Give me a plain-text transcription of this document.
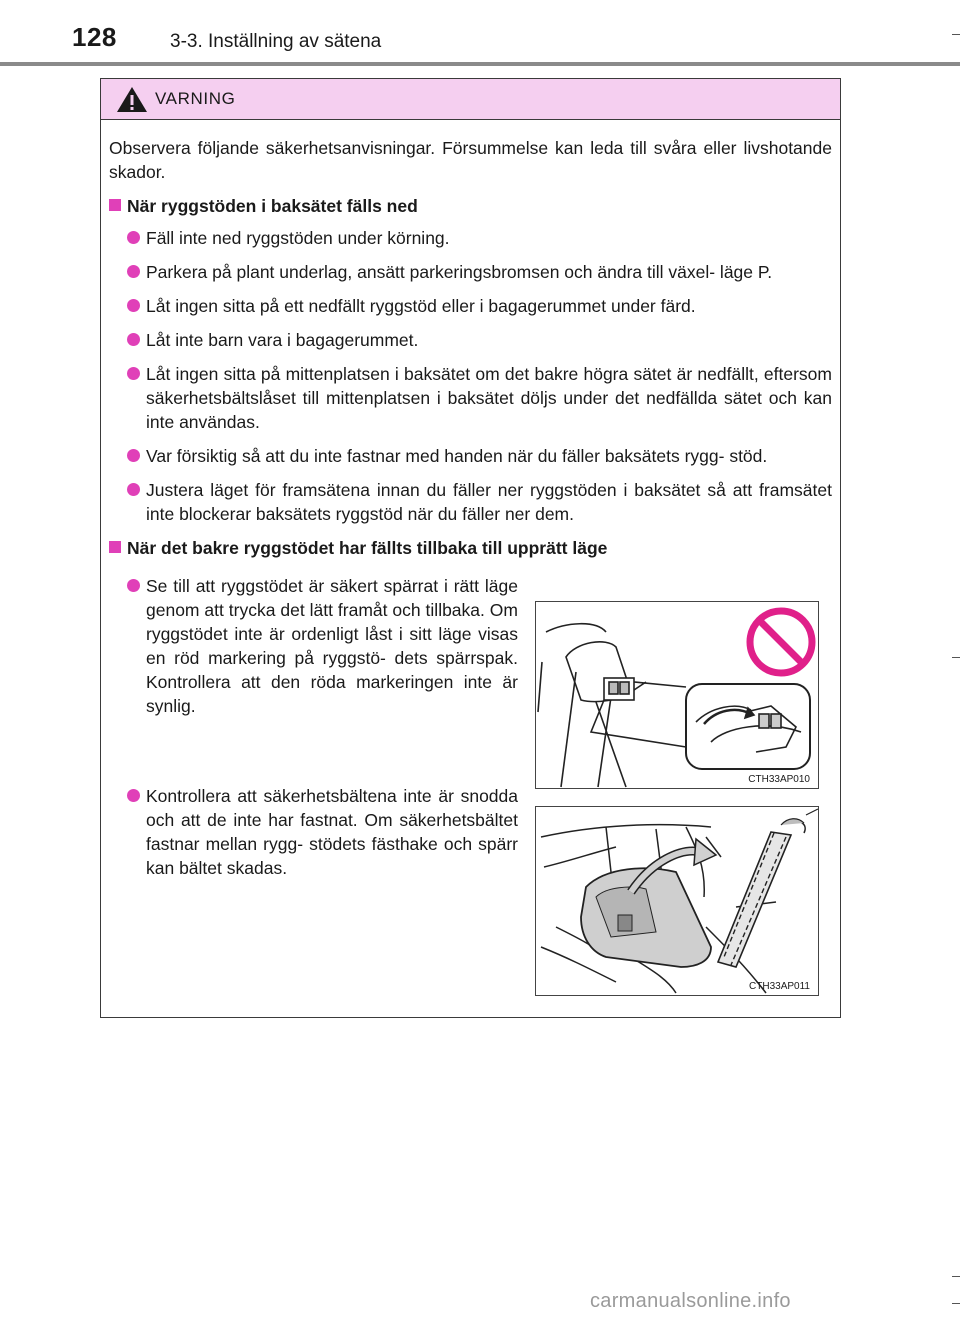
128	3-3. Inställning av sätena
VARNING

Observera följande säkerhetsanvisningar. Försummelse kan leda till svåra eller livshotande skador.

När ryggstöden i baksätet fälls ned
Fäll inte ned ryggstöden under körning.
Parkera på plant underlag, ansätt parkeringsbromsen och ändra till växel- läge P.
Låt ingen sitta på ett nedfällt ryggstöd eller i bagagerummet under färd.
Låt inte barn vara i bagagerummet.
Låt ingen sitta på mittenplatsen i baksätet om det bakre högra sätet är nedfällt, eftersom säkerhetsbältslåset till mittenplatsen i baksätet döljs under det nedfällda sätet och kan inte användas.
Var försiktig så att du inte fastnar med handen när du fäller baksätets rygg- stöd.
Justera läget för framsätena innan du fäller ner ryggstöden i baksätet så att framsätet inte blockerar baksätets ryggstöd när du fäller ner dem.
När det bakre ryggstödet har fällts tillbaka till upprätt läge
Se till att ryggstödet är säkert spärrat i rätt läge genom att trycka det lätt framåt och tillbaka. Om ryggstödet inte är ordenligt låst i sitt läge visas en röd markering på ryggstö- dets spärrspak. Kontrollera att den röda markeringen inte är synlig.
Kontrollera att säkerhetsbältena inte är snodda och att de inte har fastnat. Om säkerhetsbältet fastnar mellan rygg- stödets fästhake och spärr kan bältet skadas.
CTH33AP010
CTH33AP011
carmanualsonline.info
